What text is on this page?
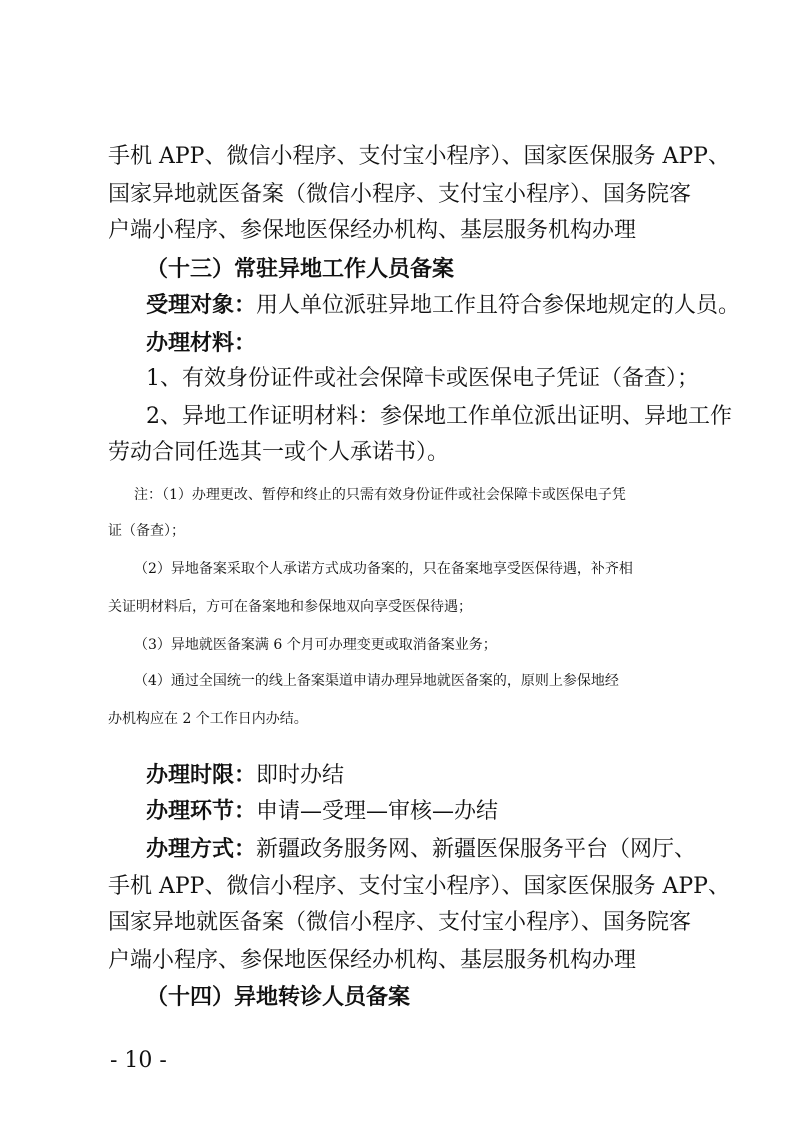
手机 APP、微信小程序、支付宝小程序）、国家医保服务 APP、
国家异地就医备案（微信小程序、支付宝小程序）、国务院客
户端小程序、参保地医保经办机构、基层服务机构办理
（十三）常驻异地工作人员备案
受理对象：用人单位派驻异地工作且符合参保地规定的人员。
办理材料：
1、有效身份证件或社会保障卡或医保电子凭证（备查）；
2、异地工作证明材料：参保地工作单位派出证明、异地工作
劳动合同任选其一或个人承诺书）。
注：（1）办理更改、暂停和终止的只需有效身份证件或社会保障卡或医保电子凭
证（备查）；
（2）异地备案采取个人承诺方式成功备案的，只在备案地享受医保待遇，补齐相
关证明材料后，方可在备案地和参保地双向享受医保待遇；
（3）异地就医备案满 6 个月可办理变更或取消备案业务；
（4）通过全国统一的线上备案渠道申请办理异地就医备案的，原则上参保地经
办机构应在 2 个工作日内办结。
办理时限：即时办结
办理环节：申请—受理—审核—办结
办理方式：新疆政务服务网、新疆医保服务平台（网厅、
手机 APP、微信小程序、支付宝小程序）、国家医保服务 APP、
国家异地就医备案（微信小程序、支付宝小程序）、国务院客
户端小程序、参保地医保经办机构、基层服务机构办理
（十四）异地转诊人员备案
- 10 -
